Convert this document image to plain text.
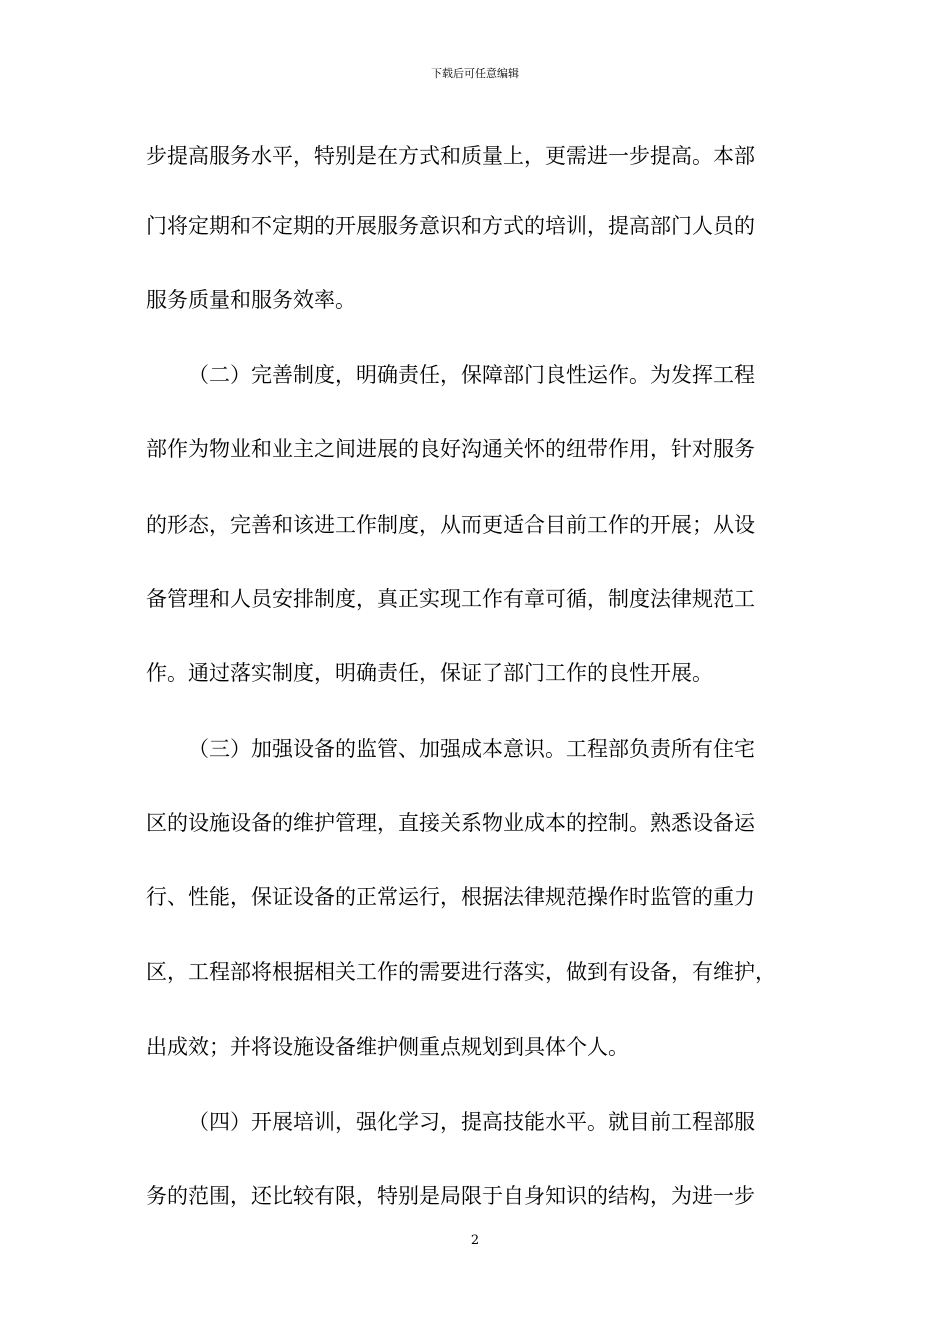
下载后可任意编辑
步提高服务水平，特别是在方式和质量上，更需进一步提高。本部
门将定期和不定期的开展服务意识和方式的培训，提高部门人员的
服务质量和服务效率。
（二）完善制度，明确责任，保障部门良性运作。为发挥工程
部作为物业和业主之间进展的良好沟通关怀的纽带作用，针对服务
的形态，完善和该进工作制度，从而更适合目前工作的开展；从设
备管理和人员安排制度，真正实现工作有章可循，制度法律规范工
作。通过落实制度，明确责任，保证了部门工作的良性开展。
（三）加强设备的监管、加强成本意识。工程部负责所有住宅
区的设施设备的维护管理，直接关系物业成本的控制。熟悉设备运
行、性能，保证设备的正常运行，根据法律规范操作时监管的重力
区，工程部将根据相关工作的需要进行落实，做到有设备，有维护，
出成效；并将设施设备维护侧重点规划到具体个人。
（四）开展培训，强化学习，提高技能水平。就目前工程部服
务的范围，还比较有限，特别是局限于自身知识的结构，为进一步
2
